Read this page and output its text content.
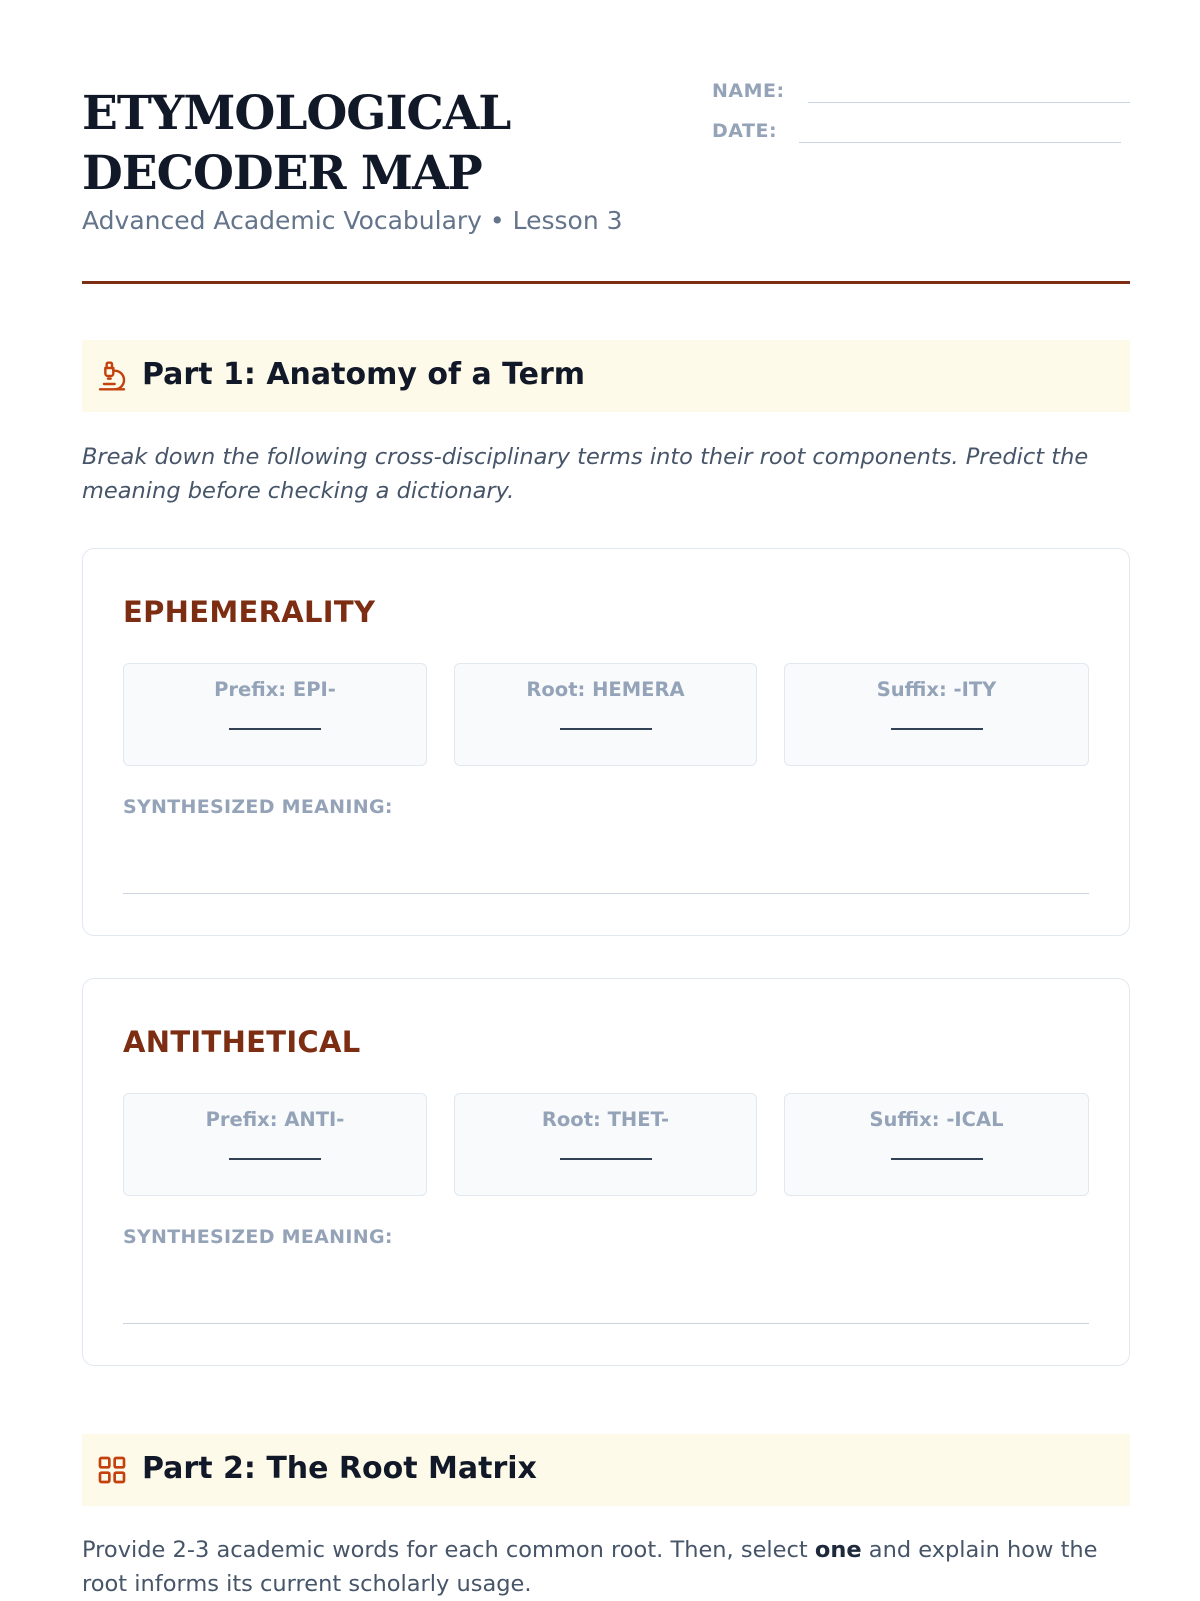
ETYMOLOGICAL
DECODER MAP
Advanced Academic Vocabulary • Lesson 3
NAME:
DATE:
Part 1: Anatomy of a Term
Break down the following cross-disciplinary terms into their root components. Predict the meaning before checking a dictionary.
EPHEMERALITY
Prefix: EPI-	Root: HEMERA	Suffix: -ITY
SYNTHESIZED MEANING:
ANTITHETICAL
Prefix: ANTI-	Root: THET-	Suffix: -ICAL
SYNTHESIZED MEANING:
Part 2: The Root Matrix
Provide 2-3 academic words for each common root. Then, select one and explain how the root informs its current scholarly usage.
